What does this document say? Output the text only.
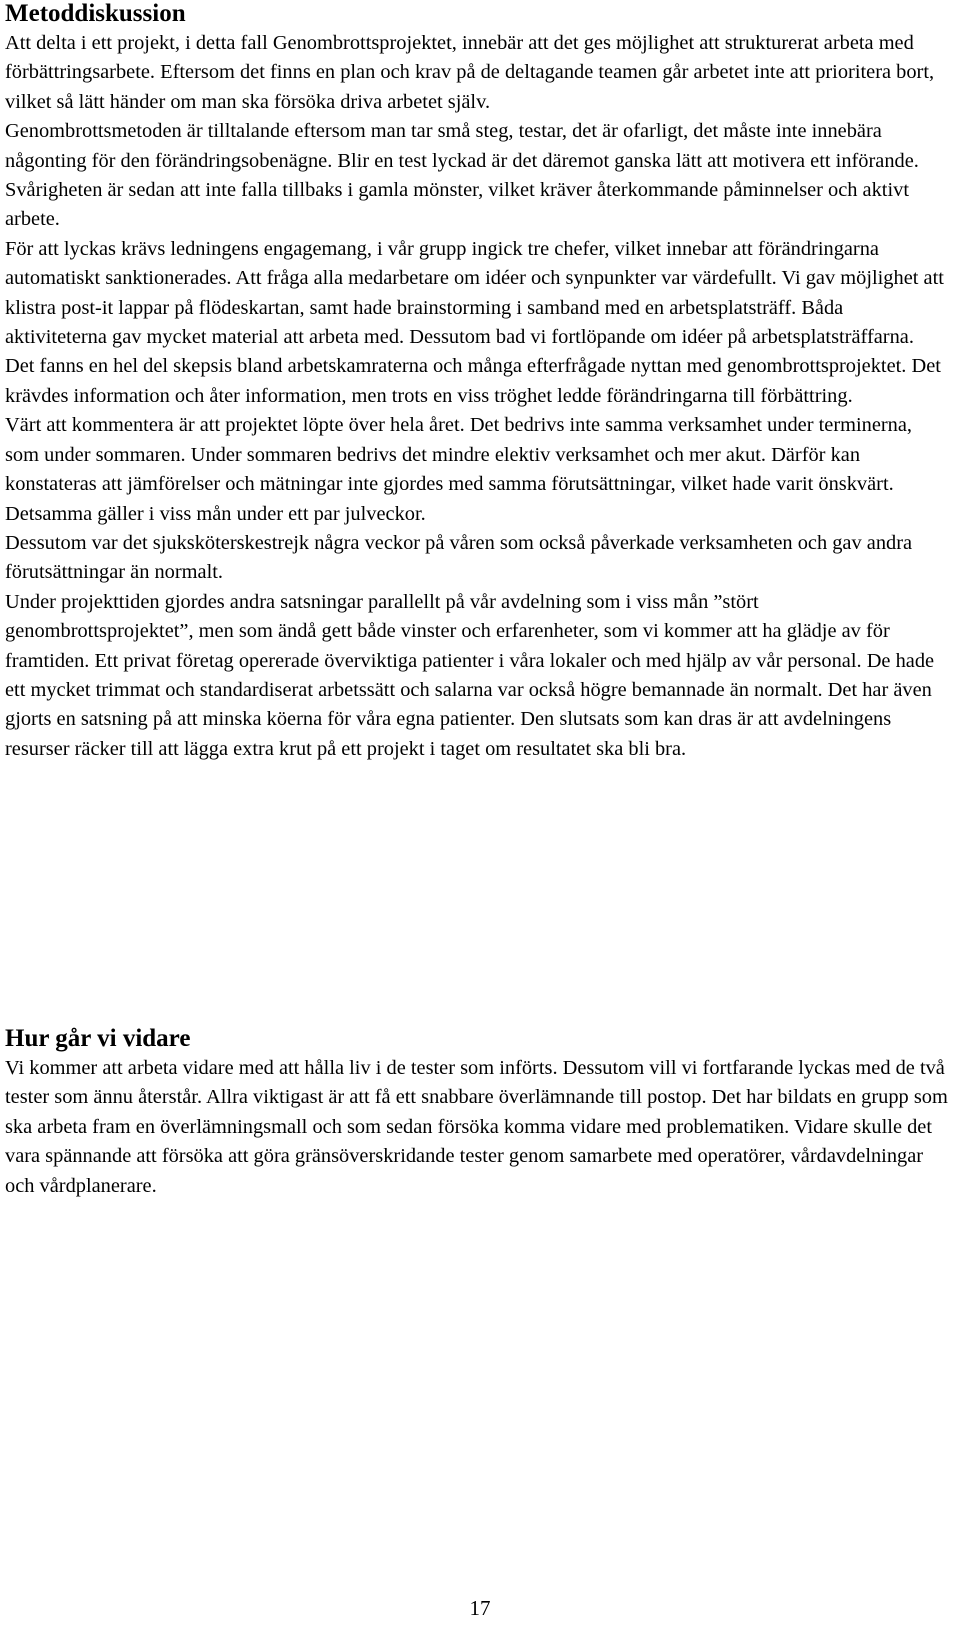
Metoddiskussion

Att delta i ett projekt, i detta fall Genombrottsprojektet, innebär att det ges möjlighet att strukturerat arbeta med förbättringsarbete. Eftersom det finns en plan och krav på de deltagande teamen går arbetet inte att prioritera bort, vilket så lätt händer om man ska försöka driva arbetet själv.

Genombrottsmetoden är tilltalande eftersom man tar små steg, testar, det är ofarligt, det måste inte innebära någonting för den förändringsobenägne. Blir en test lyckad är det däremot ganska lätt att motivera ett införande. Svårigheten är sedan att inte falla tillbaks i gamla mönster, vilket kräver återkommande påminnelser och aktivt arbete.

För att lyckas krävs ledningens engagemang, i vår grupp ingick tre chefer, vilket innebar att förändringarna automatiskt sanktionerades. Att fråga alla medarbetare om idéer och synpunkter var värdefullt. Vi gav möjlighet att klistra post-it lappar på flödeskartan, samt hade brainstorming i samband med en arbetsplatsträff. Båda aktiviteterna gav mycket material att arbeta med. Dessutom bad vi fortlöpande om idéer på arbetsplatsträffarna.

Det fanns en hel del skepsis bland arbetskamraterna och många efterfrågade nyttan med genombrottsprojektet. Det krävdes information och åter information, men trots en viss tröghet ledde förändringarna till förbättring.

Värt att kommentera är att projektet löpte över hela året. Det bedrivs inte samma verksamhet under terminerna, som under sommaren. Under sommaren bedrivs det mindre elektiv verksamhet och mer akut. Därför kan konstateras att jämförelser och mätningar inte gjordes med samma förutsättningar, vilket hade varit önskvärt. Detsamma gäller i viss mån under ett par julveckor.

Dessutom var det sjuksköterskestrejk några veckor på våren som också påverkade verksamheten och gav andra förutsättningar än normalt.

Under projekttiden gjordes andra satsningar parallellt på vår avdelning som i viss mån ”stört genombrottsprojektet”, men som ändå gett både vinster och erfarenheter, som vi kommer att ha glädje av för framtiden. Ett privat företag opererade överviktiga patienter i våra lokaler och med hjälp av vår personal. De hade ett mycket trimmat och standardiserat arbetssätt och salarna var också högre bemannade än normalt. Det har även gjorts en satsning på att minska köerna för våra egna patienter. Den slutsats som kan dras är att avdelningens resurser räcker till att lägga extra krut på ett projekt i taget om resultatet ska bli bra.

Hur går vi vidare

Vi kommer att arbeta vidare med att hålla liv i de tester som införts. Dessutom vill vi fortfarande lyckas med de två tester som ännu återstår. Allra viktigast är att få ett snabbare överlämnande till postop. Det har bildats en grupp som ska arbeta fram en överlämningsmall och som sedan försöka komma vidare med problematiken. Vidare skulle det vara spännande att försöka att göra gränsöverskridande tester genom samarbete med operatörer, vårdavdelningar och vårdplanerare.

17
